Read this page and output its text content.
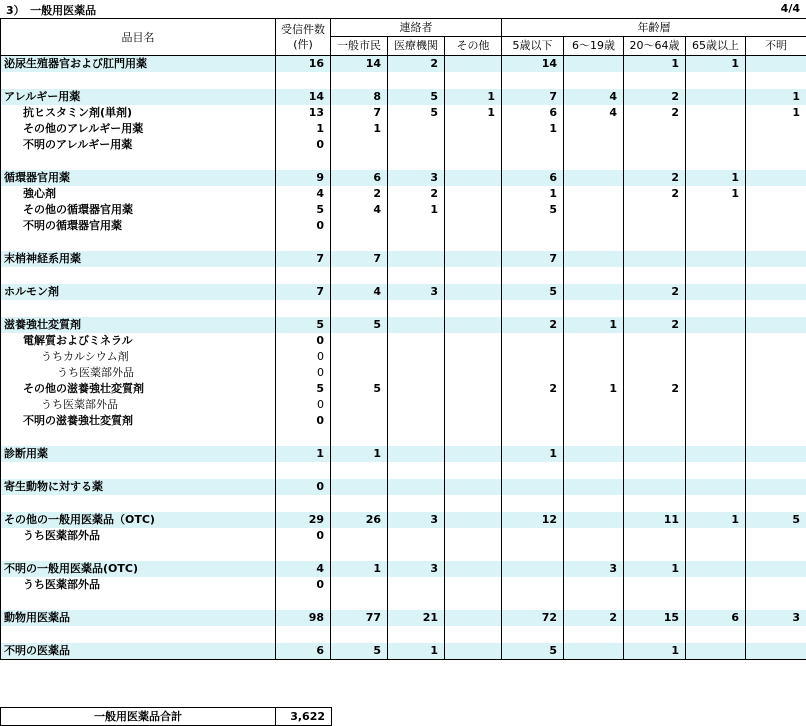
3）　一般用医薬品	4/4
品目名	受信件数
(件)	連絡者			年齢層				
		一般市民	医療機関	その他	5歳以下	6～19歳	20～64歳	65歳以上	不明
泌尿生殖器官および肛門用薬	16	14	2		14		1	1	

アレルギー用薬	14	8	5	1	7	4	2		1
抗ヒスタミン剤(単剤)	13	7	5	1	6	4	2		1
その他のアレルギー用薬	1	1			1				
不明のアレルギー用薬	0								

循環器官用薬	9	6	3		6		2	1	
強心剤	4	2	2		1		2	1	
その他の循環器官用薬	5	4	1		5				
不明の循環器官用薬	0								

末梢神経系用薬	7	7			7				

ホルモン剤	7	4	3		5		2		

滋養強壮変質剤	5	5			2	1	2		
電解質およびミネラル	0								
うちカルシウム剤	0								
うち医薬部外品	0								
その他の滋養強壮変質剤	5	5			2	1	2		
うち医薬部外品	0								
不明の滋養強壮変質剤	0								

診断用薬	1	1			1				

寄生動物に対する薬	0								

その他の一般用医薬品（OTC)	29	26	3		12		11	1	5
うち医薬部外品	0								

不明の一般用医薬品(OTC)	4	1	3			3	1		
うち医薬部外品	0								

動物用医薬品	98	77	21		72	2	15	6	3

不明の医薬品	6	5	1		5		1		
一般用医薬品合計	3,622
